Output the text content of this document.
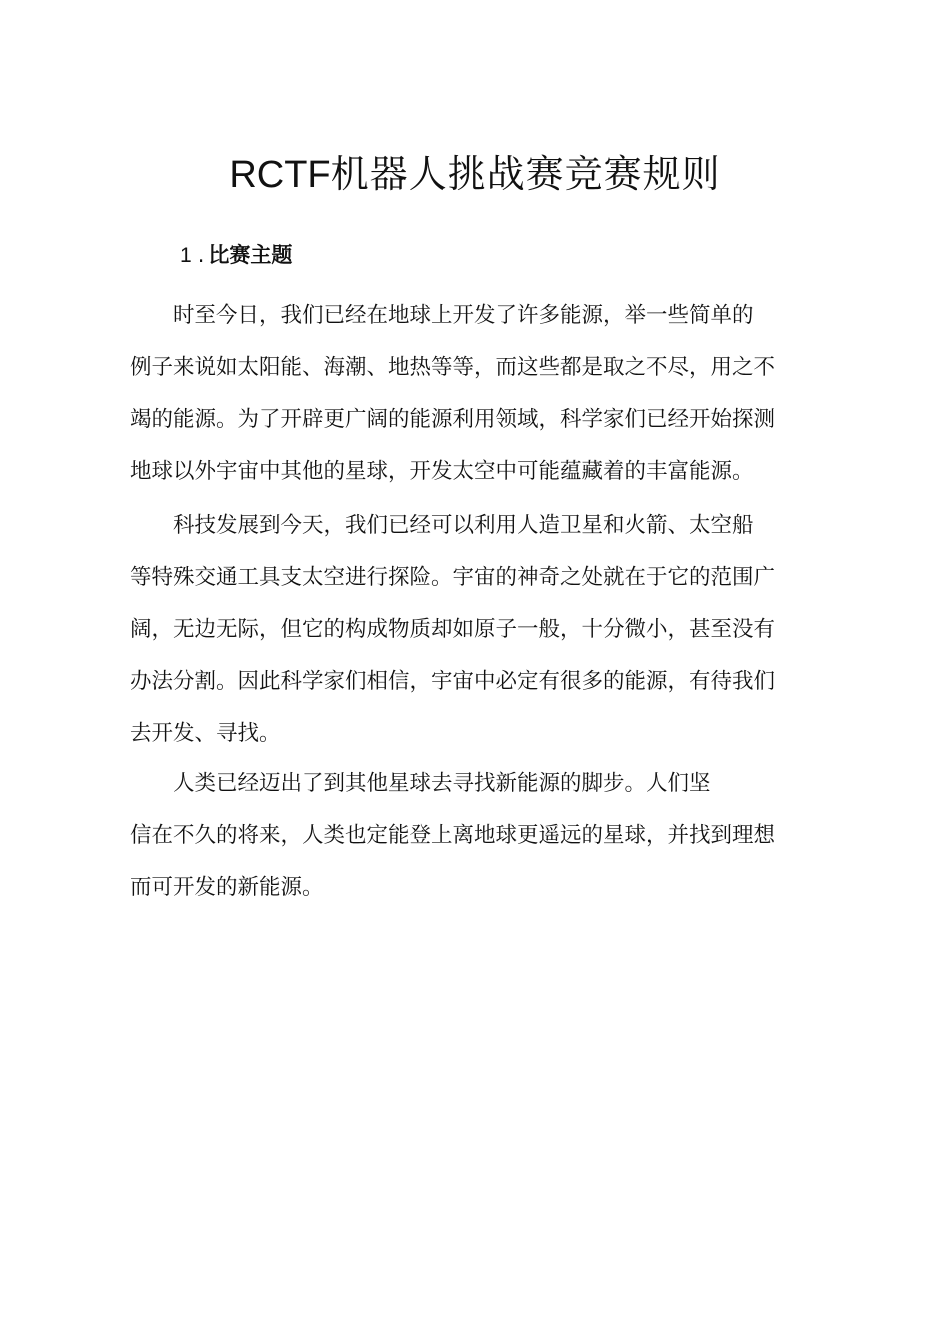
RCTF机器人挑战赛竞赛规则
1 . 比赛主题

时至今日，我们已经在地球上开发了许多能源，举一些简单的
例子来说如太阳能、海潮、地热等等，而这些都是取之不尽，用之不
竭的能源。为了开辟更广阔的能源利用领域，科学家们已经开始探测
地球以外宇宙中其他的星球，开发太空中可能蕴藏着的丰富能源。

科技发展到今天，我们已经可以利用人造卫星和火箭、太空船
等特殊交通工具支太空进行探险。宇宙的神奇之处就在于它的范围广
阔，无边无际，但它的构成物质却如原子一般，十分微小，甚至没有
办法分割。因此科学家们相信，宇宙中必定有很多的能源，有待我们
去开发、寻找。

人类已经迈出了到其他星球去寻找新能源的脚步。人们坚
信在不久的将来，人类也定能登上离地球更遥远的星球，并找到理想
而可开发的新能源。
